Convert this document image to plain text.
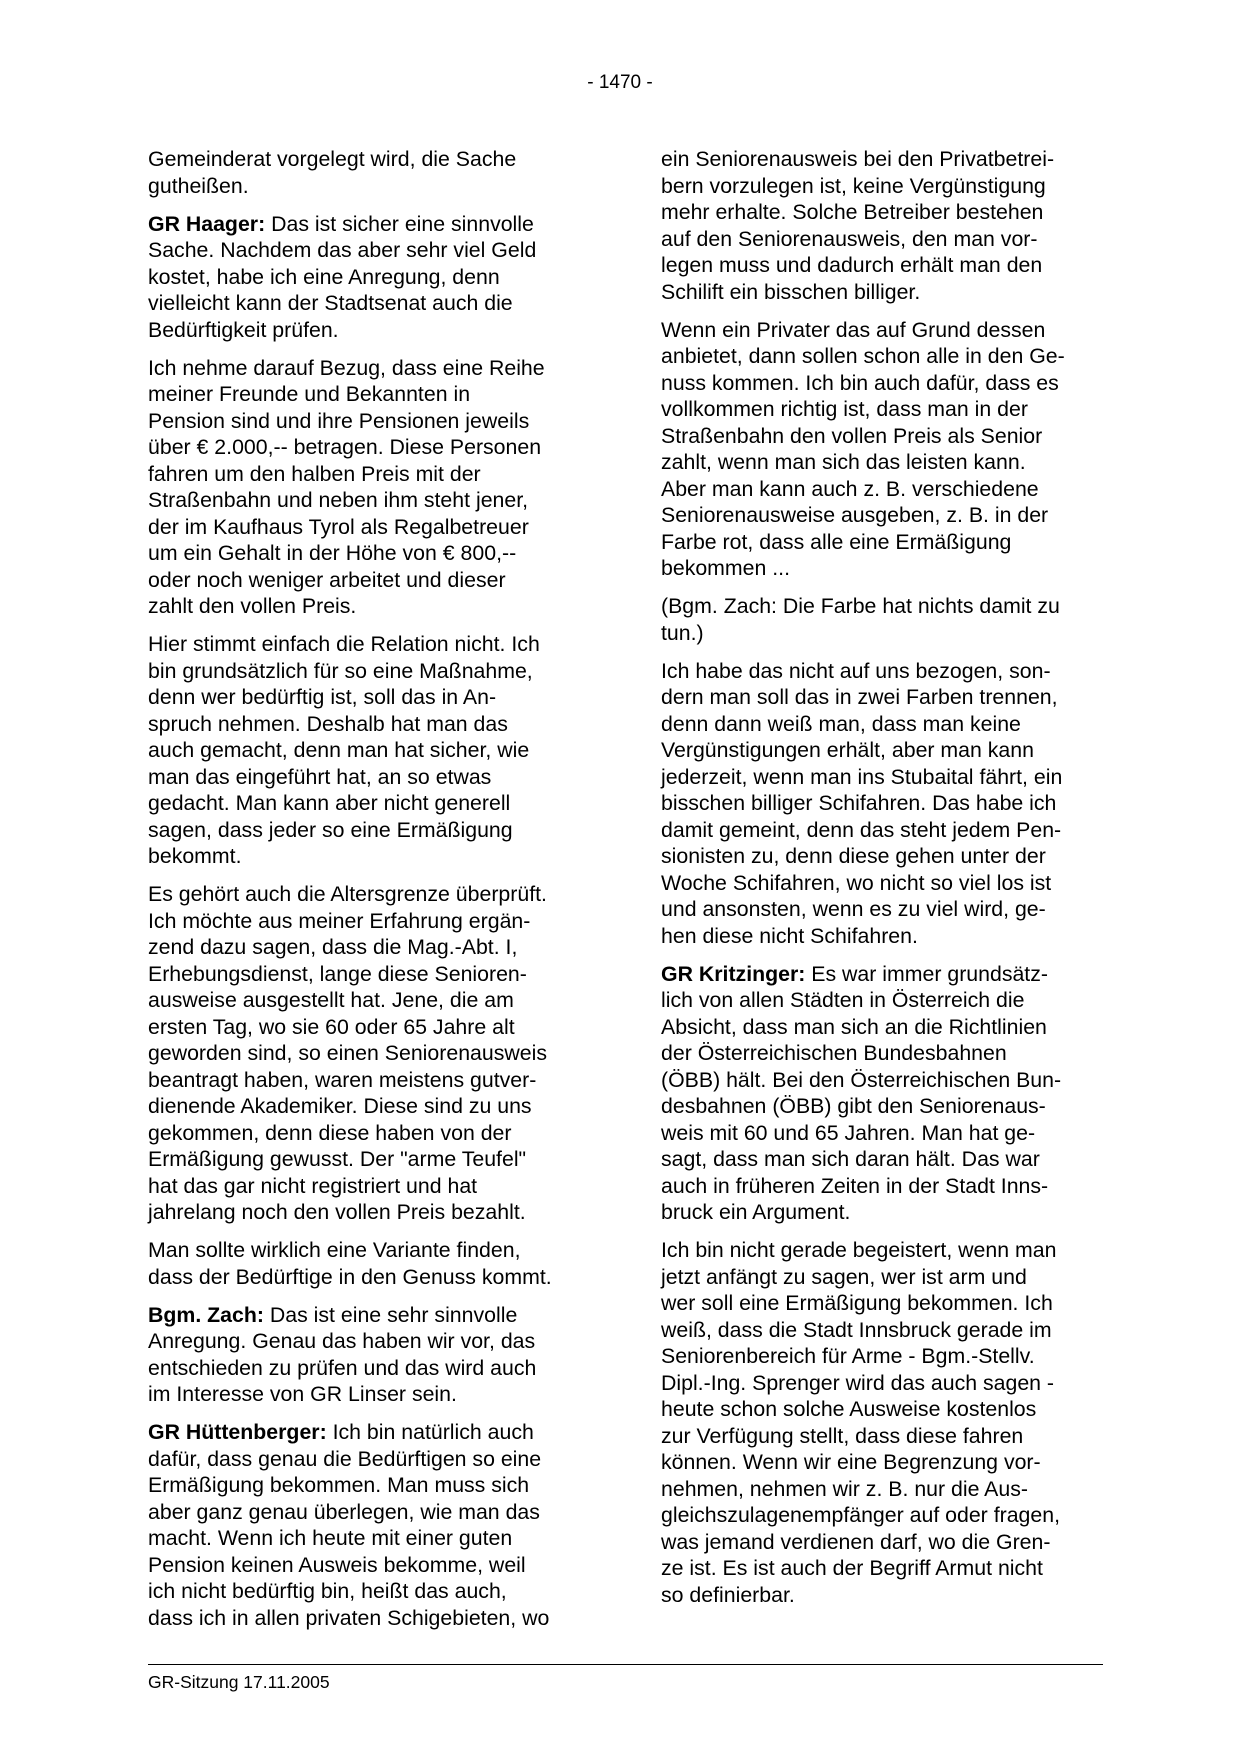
- 1470 -

Gemeinderat vorgelegt wird, die Sache
gutheißen.

GR Haager: Das ist sicher eine sinnvolle
Sache. Nachdem das aber sehr viel Geld
kostet, habe ich eine Anregung, denn
vielleicht kann der Stadtsenat auch die
Bedürftigkeit prüfen.

Ich nehme darauf Bezug, dass eine Reihe
meiner Freunde und Bekannten in
Pension sind und ihre Pensionen jeweils
über € 2.000,-- betragen. Diese Personen
fahren um den halben Preis mit der
Straßenbahn und neben ihm steht jener,
der im Kaufhaus Tyrol als Regalbetreuer
um ein Gehalt in der Höhe von € 800,--
oder noch weniger arbeitet und dieser
zahlt den vollen Preis.

Hier stimmt einfach die Relation nicht. Ich
bin grundsätzlich für so eine Maßnahme,
denn wer bedürftig ist, soll das in An-
spruch nehmen. Deshalb hat man das
auch gemacht, denn man hat sicher, wie
man das eingeführt hat, an so etwas
gedacht. Man kann aber nicht generell
sagen, dass jeder so eine Ermäßigung
bekommt.

Es gehört auch die Altersgrenze überprüft.
Ich möchte aus meiner Erfahrung ergän-
zend dazu sagen, dass die Mag.-Abt. I,
Erhebungsdienst, lange diese Senioren-
ausweise ausgestellt hat. Jene, die am
ersten Tag, wo sie 60 oder 65 Jahre alt
geworden sind, so einen Seniorenausweis
beantragt haben, waren meistens gutver-
dienende Akademiker. Diese sind zu uns
gekommen, denn diese haben von der
Ermäßigung gewusst. Der "arme Teufel"
hat das gar nicht registriert und hat
jahrelang noch den vollen Preis bezahlt.

Man sollte wirklich eine Variante finden,
dass der Bedürftige in den Genuss kommt.

Bgm. Zach: Das ist eine sehr sinnvolle
Anregung. Genau das haben wir vor, das
entschieden zu prüfen und das wird auch
im Interesse von GR Linser sein.

GR Hüttenberger: Ich bin natürlich auch
dafür, dass genau die Bedürftigen so eine
Ermäßigung bekommen. Man muss sich
aber ganz genau überlegen, wie man das
macht. Wenn ich heute mit einer guten
Pension keinen Ausweis bekomme, weil
ich nicht bedürftig bin, heißt das auch,
dass ich in allen privaten Schigebieten, wo

ein Seniorenausweis bei den Privatbetrei-
bern vorzulegen ist, keine Vergünstigung
mehr erhalte. Solche Betreiber bestehen
auf den Seniorenausweis, den man vor-
legen muss und dadurch erhält man den
Schilift ein bisschen billiger.

Wenn ein Privater das auf Grund dessen
anbietet, dann sollen schon alle in den Ge-
nuss kommen. Ich bin auch dafür, dass es
vollkommen richtig ist, dass man in der
Straßenbahn den vollen Preis als Senior
zahlt, wenn man sich das leisten kann.
Aber man kann auch z. B. verschiedene
Seniorenausweise ausgeben, z. B. in der
Farbe rot, dass alle eine Ermäßigung
bekommen ...

(Bgm. Zach: Die Farbe hat nichts damit zu
tun.)

Ich habe das nicht auf uns bezogen, son-
dern man soll das in zwei Farben trennen,
denn dann weiß man, dass man keine
Vergünstigungen erhält, aber man kann
jederzeit, wenn man ins Stubaital fährt, ein
bisschen billiger Schifahren. Das habe ich
damit gemeint, denn das steht jedem Pen-
sionisten zu, denn diese gehen unter der
Woche Schifahren, wo nicht so viel los ist
und ansonsten, wenn es zu viel wird, ge-
hen diese nicht Schifahren.

GR Kritzinger: Es war immer grundsätz-
lich von allen Städten in Österreich die
Absicht, dass man sich an die Richtlinien
der Österreichischen Bundesbahnen
(ÖBB) hält. Bei den Österreichischen Bun-
desbahnen (ÖBB) gibt den Seniorenaus-
weis mit 60 und 65 Jahren. Man hat ge-
sagt, dass man sich daran hält. Das war
auch in früheren Zeiten in der Stadt Inns-
bruck ein Argument.

Ich bin nicht gerade begeistert, wenn man
jetzt anfängt zu sagen, wer ist arm und
wer soll eine Ermäßigung bekommen. Ich
weiß, dass die Stadt Innsbruck gerade im
Seniorenbereich für Arme - Bgm.-Stellv.
Dipl.-Ing. Sprenger wird das auch sagen -
heute schon solche Ausweise kostenlos
zur Verfügung stellt, dass diese fahren
können. Wenn wir eine Begrenzung vor-
nehmen, nehmen wir z. B. nur die Aus-
gleichszulagenempfänger auf oder fragen,
was jemand verdienen darf, wo die Gren-
ze ist. Es ist auch der Begriff Armut nicht
so definierbar.

GR-Sitzung 17.11.2005
